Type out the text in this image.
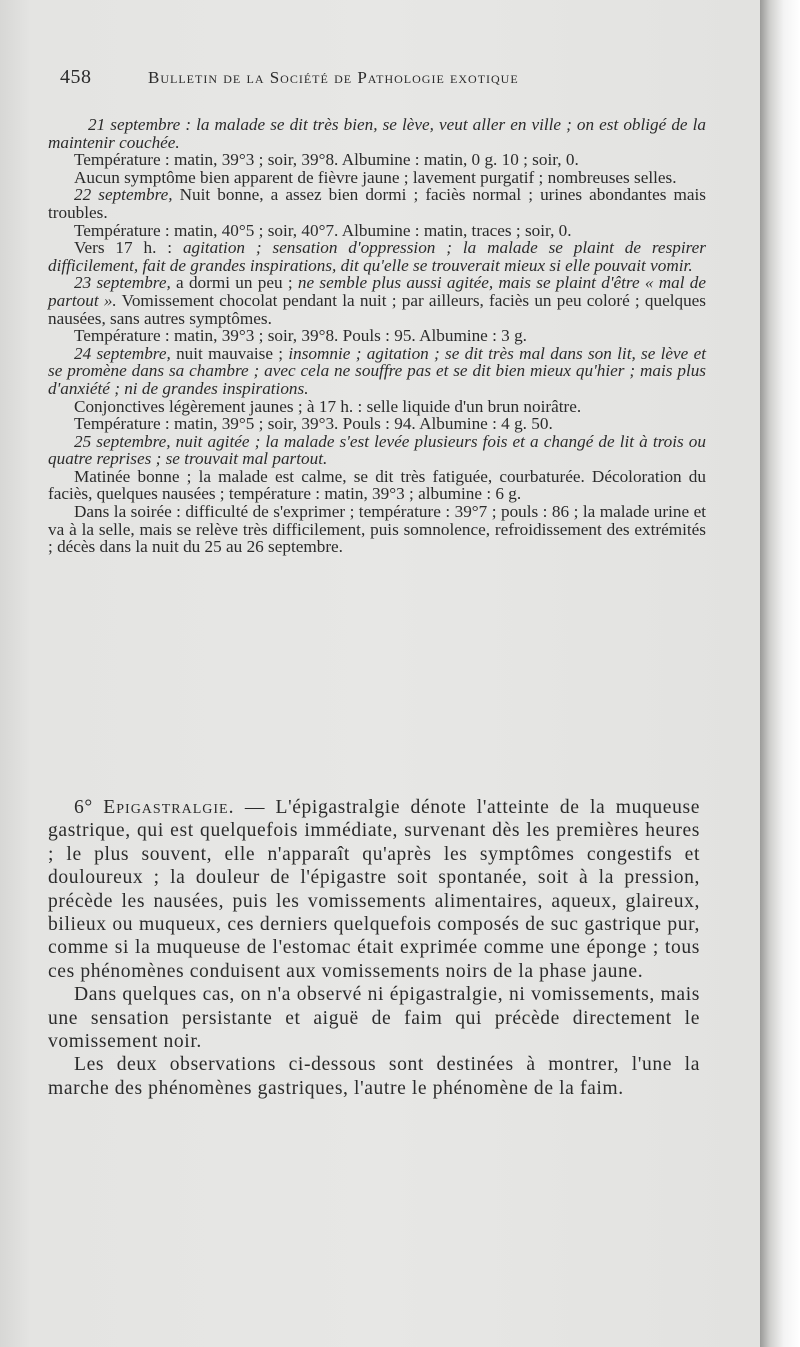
458	Bulletin de la Société de Pathologie exotique

21 septembre : la malade se dit très bien, se lève, veut aller en ville ; on est obligé de la maintenir couchée.

Température : matin, 39°3 ; soir, 39°8. Albumine : matin, 0 g. 10 ; soir, 0.

Aucun symptôme bien apparent de fièvre jaune ; lavement purgatif ; nombreuses selles.

22 septembre, Nuit bonne, a assez bien dormi ; faciès normal ; urines abondantes mais troubles.

Température : matin, 40°5 ; soir, 40°7. Albumine : matin, traces ; soir, 0.

Vers 17 h. : agitation ; sensation d'oppression ; la malade se plaint de respirer difficilement, fait de grandes inspirations, dit qu'elle se trouverait mieux si elle pouvait vomir.

23 septembre, a dormi un peu ; ne semble plus aussi agitée, mais se plaint d'être « mal de partout ». Vomissement chocolat pendant la nuit ; par ailleurs, faciès un peu coloré ; quelques nausées, sans autres symptômes.

Température : matin, 39°3 ; soir, 39°8. Pouls : 95. Albumine : 3 g.

24 septembre, nuit mauvaise ; insomnie ; agitation ; se dit très mal dans son lit, se lève et se promène dans sa chambre ; avec cela ne souffre pas et se dit bien mieux qu'hier ; mais plus d'anxiété ; ni de grandes inspirations.

Conjonctives légèrement jaunes ; à 17 h. : selle liquide d'un brun noirâtre.

Température : matin, 39°5 ; soir, 39°3. Pouls : 94. Albumine : 4 g. 50.

25 septembre, nuit agitée ; la malade s'est levée plusieurs fois et a changé de lit à trois ou quatre reprises ; se trouvait mal partout.

Matinée bonne ; la malade est calme, se dit très fatiguée, courbaturée. Décoloration du faciès, quelques nausées ; température : matin, 39°3 ; albumine : 6 g.

Dans la soirée : difficulté de s'exprimer ; température : 39°7 ; pouls : 86 ; la malade urine et va à la selle, mais se relève très difficilement, puis somnolence, refroidissement des extrémités ; décès dans la nuit du 25 au 26 septembre.

6° Epigastralgie. — L'épigastralgie dénote l'atteinte de la muqueuse gastrique, qui est quelquefois immédiate, survenant dès les premières heures ; le plus souvent, elle n'apparaît qu'après les symptômes congestifs et douloureux ; la douleur de l'épigastre soit spontanée, soit à la pression, précède les nausées, puis les vomissements alimentaires, aqueux, glaireux, bilieux ou muqueux, ces derniers quelquefois composés de suc gastrique pur, comme si la muqueuse de l'estomac était exprimée comme une éponge ; tous ces phénomènes conduisent aux vomissements noirs de la phase jaune.

Dans quelques cas, on n'a observé ni épigastralgie, ni vomissements, mais une sensation persistante et aiguë de faim qui précède directement le vomissement noir.

Les deux observations ci-dessous sont destinées à montrer, l'une la marche des phénomènes gastriques, l'autre le phénomène de la faim.
